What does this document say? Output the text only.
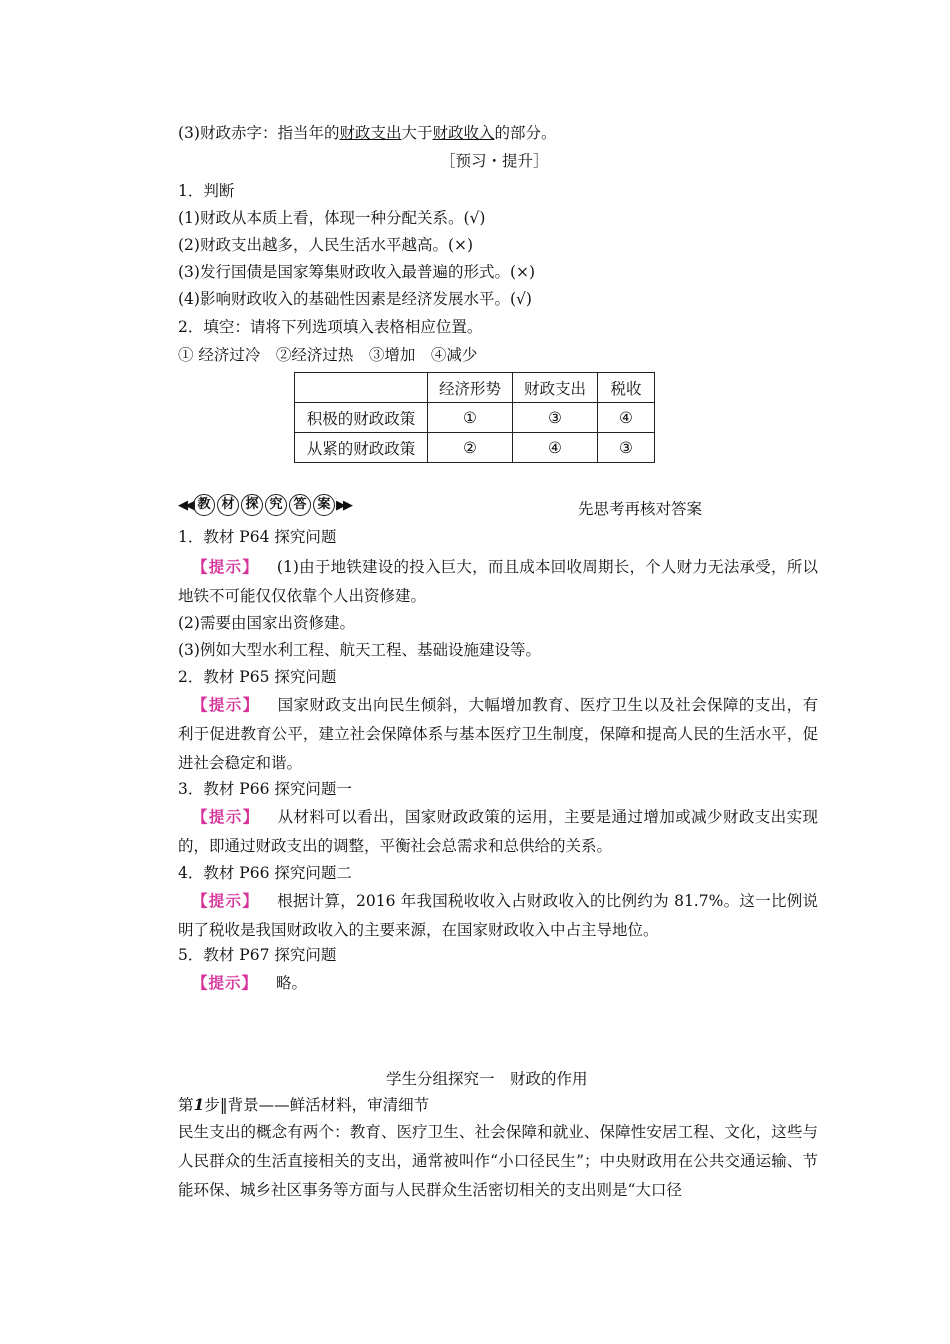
(3)财政赤字：指当年的财政支出大于财政收入的部分。
［预习・提升］
1．判断
(1)财政从本质上看，体现一种分配关系。(√)
(2)财政支出越多，人民生活水平越高。(×)
(3)发行国债是国家筹集财政收入最普遍的形式。(×)
(4)影响财政收入的基础性因素是经济发展水平。(√)
2．填空：请将下列选项填入表格相应位置。
① 经济过冷　②经济过热　③增加　④减少
	经济形势	财政支出	税收
积极的财政政策	①	③	④
从紧的财政政策	②	④	③
◀◀ 教 材 探 究 答 案 ▶▶	先思考再核对答案
1．教材 P64 探究问题
【提示】 (1)由于地铁建设的投入巨大，而且成本回收周期长，个人财力无法承受，所以地铁不可能仅仅依靠个人出资修建。
(2)需要由国家出资修建。
(3)例如大型水利工程、航天工程、基础设施建设等。
2．教材 P65 探究问题
【提示】 国家财政支出向民生倾斜，大幅增加教育、医疗卫生以及社会保障的支出，有利于促进教育公平，建立社会保障体系与基本医疗卫生制度，保障和提高人民的生活水平，促进社会稳定和谐。
3．教材 P66 探究问题一
【提示】 从材料可以看出，国家财政政策的运用，主要是通过增加或减少财政支出实现的，即通过财政支出的调整，平衡社会总需求和总供给的关系。
4．教材 P66 探究问题二
【提示】 根据计算，2016 年我国税收收入占财政收入的比例约为 81.7%。这一比例说明了税收是我国财政收入的主要来源，在国家财政收入中占主导地位。
5．教材 P67 探究问题
【提示】 略。
学生分组探究一　财政的作用
第1步‖背景——鲜活材料，审清细节
民生支出的概念有两个：教育、医疗卫生、社会保障和就业、保障性安居工程、文化，这些与人民群众的生活直接相关的支出，通常被叫作“小口径民生”；中央财政用在公共交通运输、节能环保、城乡社区事务等方面与人民群众生活密切相关的支出则是“大口径
